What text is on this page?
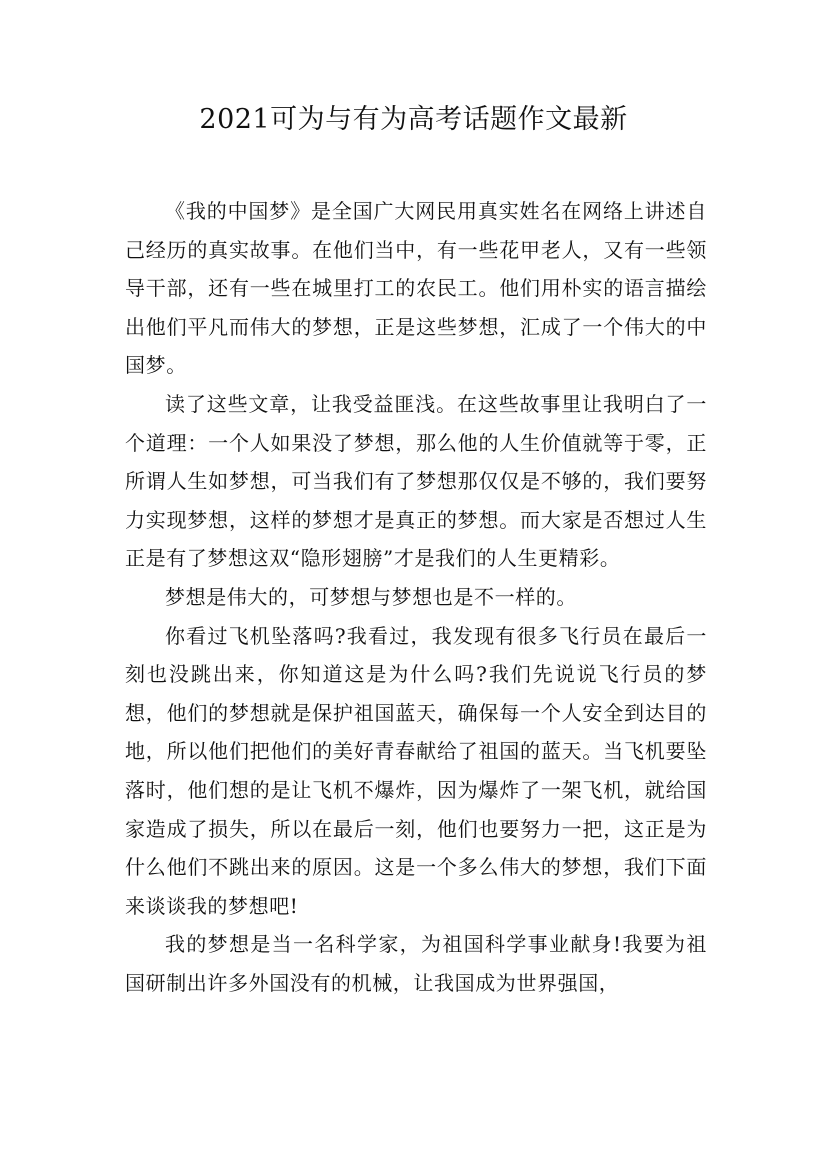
2021可为与有为高考话题作文最新

《我的中国梦》是全国广大网民用真实姓名在网络上讲述自己经历的真实故事。在他们当中，有一些花甲老人，又有一些领导干部，还有一些在城里打工的农民工。他们用朴实的语言描绘出他们平凡而伟大的梦想，正是这些梦想，汇成了一个伟大的中国梦。

读了这些文章，让我受益匪浅。在这些故事里让我明白了一个道理：一个人如果没了梦想，那么他的人生价值就等于零，正所谓人生如梦想，可当我们有了梦想那仅仅是不够的，我们要努力实现梦想，这样的梦想才是真正的梦想。而大家是否想过人生正是有了梦想这双“隐形翅膀”才是我们的人生更精彩。

梦想是伟大的，可梦想与梦想也是不一样的。

你看过飞机坠落吗?我看过，我发现有很多飞行员在最后一刻也没跳出来，你知道这是为什么吗?我们先说说飞行员的梦想，他们的梦想就是保护祖国蓝天，确保每一个人安全到达目的地，所以他们把他们的美好青春献给了祖国的蓝天。当飞机要坠落时，他们想的是让飞机不爆炸，因为爆炸了一架飞机，就给国家造成了损失，所以在最后一刻，他们也要努力一把，这正是为什么他们不跳出来的原因。这是一个多么伟大的梦想，我们下面来谈谈我的梦想吧!

我的梦想是当一名科学家，为祖国科学事业献身!我要为祖国研制出许多外国没有的机械，让我国成为世界强国，
